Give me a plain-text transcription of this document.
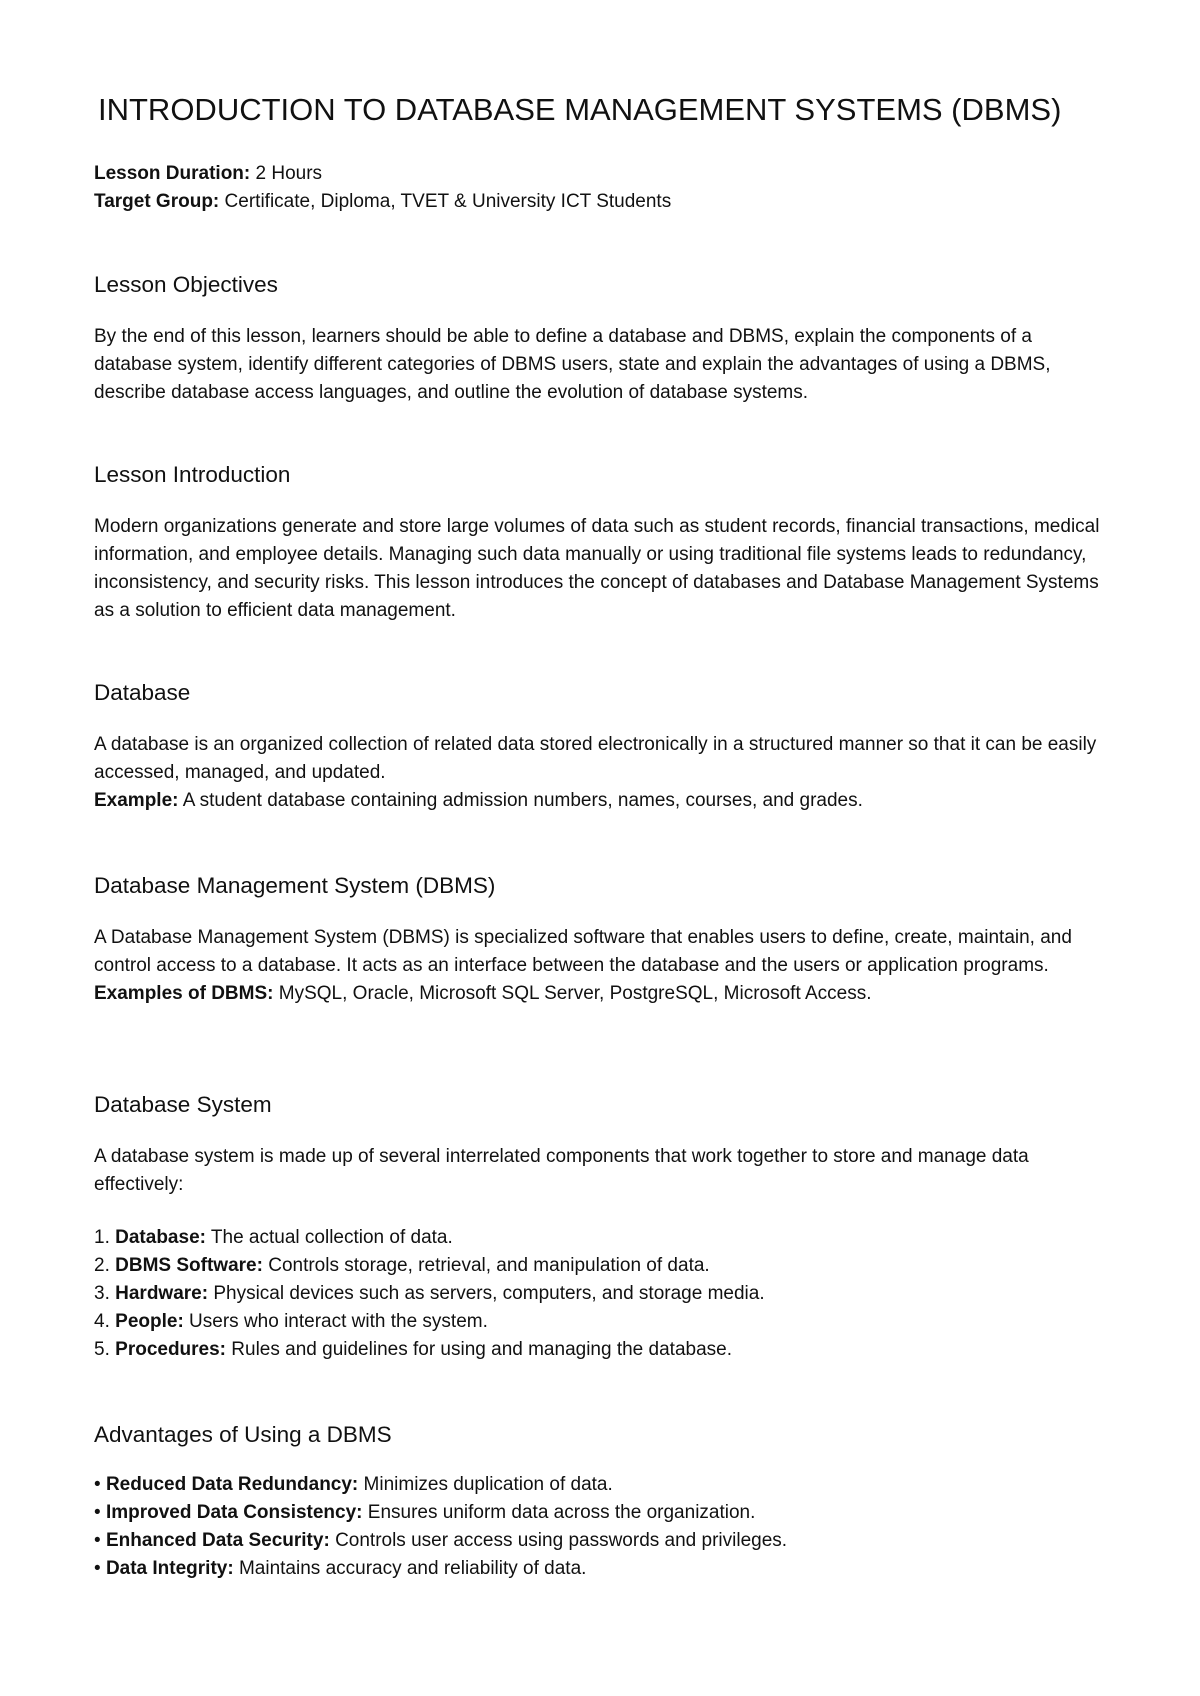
INTRODUCTION TO DATABASE MANAGEMENT SYSTEMS (DBMS)

Lesson Duration: 2 Hours

Target Group: Certificate, Diploma, TVET & University ICT Students

Lesson Objectives

By the end of this lesson, learners should be able to define a database and DBMS, explain the components of a database system, identify different categories of DBMS users, state and explain the advantages of using a DBMS, describe database access languages, and outline the evolution of database systems.

Lesson Introduction

Modern organizations generate and store large volumes of data such as student records, financial transactions, medical information, and employee details. Managing such data manually or using traditional file systems leads to redundancy, inconsistency, and security risks. This lesson introduces the concept of databases and Database Management Systems as a solution to efficient data management.

Database

A database is an organized collection of related data stored electronically in a structured manner so that it can be easily accessed, managed, and updated.
Example: A student database containing admission numbers, names, courses, and grades.

Database Management System (DBMS)

A Database Management System (DBMS) is specialized software that enables users to define, create, maintain, and control access to a database. It acts as an interface between the database and the users or application programs.
Examples of DBMS: MySQL, Oracle, Microsoft SQL Server, PostgreSQL, Microsoft Access.

Database System

A database system is made up of several interrelated components that work together to store and manage data effectively:

1. Database: The actual collection of data.

2. DBMS Software: Controls storage, retrieval, and manipulation of data.

3. Hardware: Physical devices such as servers, computers, and storage media.

4. People: Users who interact with the system.

5. Procedures: Rules and guidelines for using and managing the database.

Advantages of Using a DBMS

• Reduced Data Redundancy: Minimizes duplication of data.

• Improved Data Consistency: Ensures uniform data across the organization.

• Enhanced Data Security: Controls user access using passwords and privileges.

• Data Integrity: Maintains accuracy and reliability of data.
